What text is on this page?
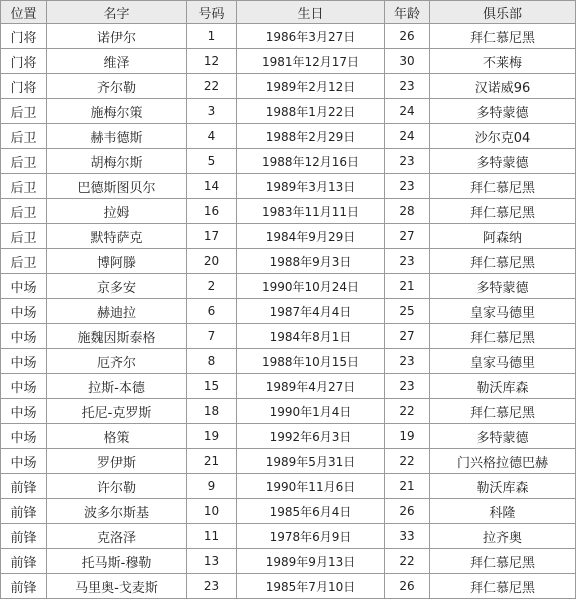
位置	名字	号码	生日	年龄	俱乐部
门将	诺伊尔	1	1986年3月27日	26	拜仁慕尼黑
门将	维泽	12	1981年12月17日	30	不莱梅
门将	齐尔勒	22	1989年2月12日	23	汉诺威96
后卫	施梅尔策	3	1988年1月22日	24	多特蒙德
后卫	赫韦德斯	4	1988年2月29日	24	沙尔克04
后卫	胡梅尔斯	5	1988年12月16日	23	多特蒙德
后卫	巴德斯图贝尔	14	1989年3月13日	23	拜仁慕尼黑
后卫	拉姆	16	1983年11月11日	28	拜仁慕尼黑
后卫	默特萨克	17	1984年9月29日	27	阿森纳
后卫	博阿滕	20	1988年9月3日	23	拜仁慕尼黑
中场	京多安	2	1990年10月24日	21	多特蒙德
中场	赫迪拉	6	1987年4月4日	25	皇家马德里
中场	施魏因斯泰格	7	1984年8月1日	27	拜仁慕尼黑
中场	厄齐尔	8	1988年10月15日	23	皇家马德里
中场	拉斯-本德	15	1989年4月27日	23	勒沃库森
中场	托尼-克罗斯	18	1990年1月4日	22	拜仁慕尼黑
中场	格策	19	1992年6月3日	19	多特蒙德
中场	罗伊斯	21	1989年5月31日	22	门兴格拉德巴赫
前锋	许尔勒	9	1990年11月6日	21	勒沃库森
前锋	波多尔斯基	10	1985年6月4日	26	科隆
前锋	克洛泽	11	1978年6月9日	33	拉齐奥
前锋	托马斯-穆勒	13	1989年9月13日	22	拜仁慕尼黑
前锋	马里奥-戈麦斯	23	1985年7月10日	26	拜仁慕尼黑
